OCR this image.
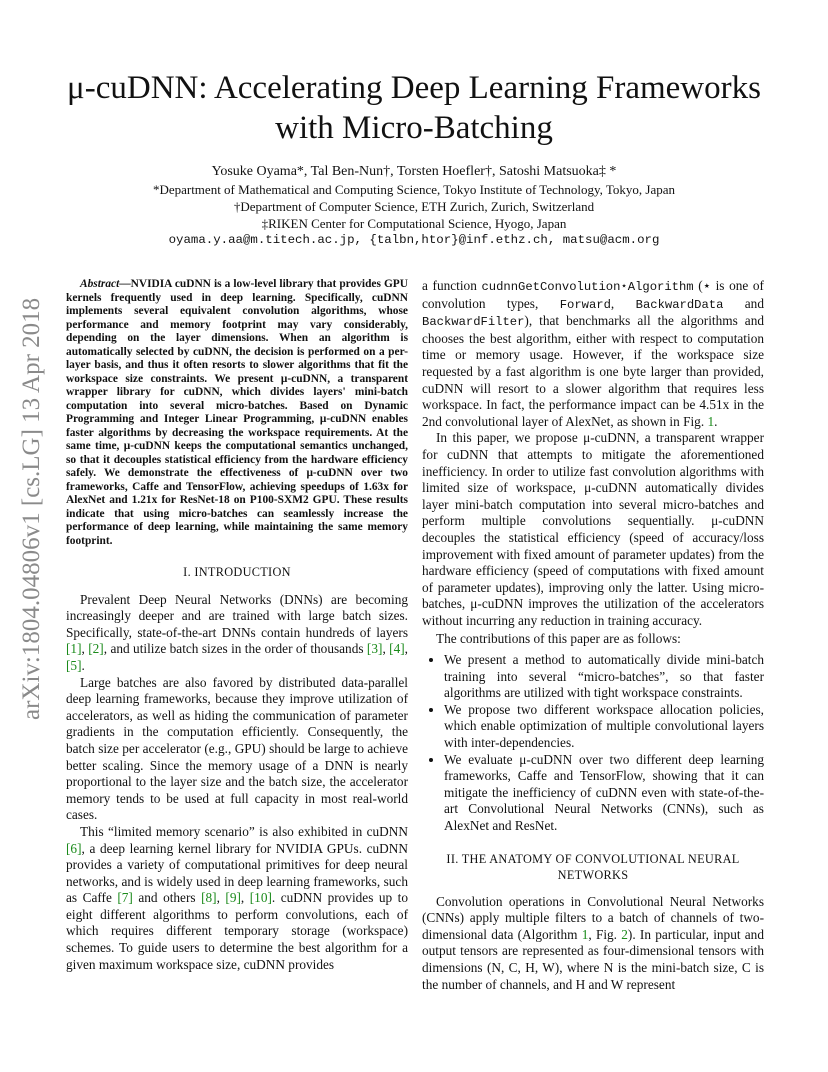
μ-cuDNN: Accelerating Deep Learning Frameworks
with Micro-Batching
Yosuke Oyama*, Tal Ben-Nun†, Torsten Hoefler†, Satoshi Matsuoka‡ *
*Department of Mathematical and Computing Science, Tokyo Institute of Technology, Tokyo, Japan
†Department of Computer Science, ETH Zurich, Zurich, Switzerland
‡RIKEN Center for Computational Science, Hyogo, Japan
oyama.y.aa@m.titech.ac.jp, {talbn,htor}@inf.ethz.ch, matsu@acm.org
arXiv:1804.04806v1 [cs.LG] 13 Apr 2018

Abstract—NVIDIA cuDNN is a low-level library that provides GPU kernels frequently used in deep learning. Specifically, cuDNN implements several equivalent convolution algorithms, whose performance and memory footprint may vary considerably, depending on the layer dimensions. When an algorithm is automatically selected by cuDNN, the decision is performed on a per-layer basis, and thus it often resorts to slower algorithms that fit the workspace size constraints. We present μ-cuDNN, a transparent wrapper library for cuDNN, which divides layers' mini-batch computation into several micro-batches. Based on Dynamic Programming and Integer Linear Programming, μ-cuDNN enables faster algorithms by decreasing the workspace requirements. At the same time, μ-cuDNN keeps the computational semantics unchanged, so that it decouples statistical efficiency from the hardware efficiency safely. We demonstrate the effectiveness of μ-cuDNN over two frameworks, Caffe and TensorFlow, achieving speedups of 1.63x for AlexNet and 1.21x for ResNet-18 on P100-SXM2 GPU. These results indicate that using micro-batches can seamlessly increase the performance of deep learning, while maintaining the same memory footprint.

I. INTRODUCTION

Prevalent Deep Neural Networks (DNNs) are becoming increasingly deeper and are trained with large batch sizes. Specifically, state-of-the-art DNNs contain hundreds of layers [1], [2], and utilize batch sizes in the order of thousands [3], [4], [5].

Large batches are also favored by distributed data-parallel deep learning frameworks, because they improve utilization of accelerators, as well as hiding the communication of parameter gradients in the computation efficiently. Consequently, the batch size per accelerator (e.g., GPU) should be large to achieve better scaling. Since the memory usage of a DNN is nearly proportional to the layer size and the batch size, the accelerator memory tends to be used at full capacity in most real-world cases.

This “limited memory scenario” is also exhibited in cuDNN [6], a deep learning kernel library for NVIDIA GPUs. cuDNN provides a variety of computational primitives for deep neural networks, and is widely used in deep learning frameworks, such as Caffe [7] and others [8], [9], [10]. cuDNN provides up to eight different algorithms to perform convolutions, each of which requires different temporary storage (workspace) schemes. To guide users to determine the best algorithm for a given maximum workspace size, cuDNN provides

a function cudnnGetConvolution⋆Algorithm (⋆ is one of convolution types, Forward, BackwardData and BackwardFilter), that benchmarks all the algorithms and chooses the best algorithm, either with respect to computation time or memory usage. However, if the workspace size requested by a fast algorithm is one byte larger than provided, cuDNN will resort to a slower algorithm that requires less workspace. In fact, the performance impact can be 4.51x in the 2nd convolutional layer of AlexNet, as shown in Fig. 1.

In this paper, we propose μ-cuDNN, a transparent wrapper for cuDNN that attempts to mitigate the aforementioned inefficiency. In order to utilize fast convolution algorithms with limited size of workspace, μ-cuDNN automatically divides layer mini-batch computation into several micro-batches and perform multiple convolutions sequentially. μ-cuDNN decouples the statistical efficiency (speed of accuracy/loss improvement with fixed amount of parameter updates) from the hardware efficiency (speed of computations with fixed amount of parameter updates), improving only the latter. Using micro-batches, μ-cuDNN improves the utilization of the accelerators without incurring any reduction in training accuracy.

The contributions of this paper are as follows:

• We present a method to automatically divide mini-batch training into several “micro-batches”, so that faster algorithms are utilized with tight workspace constraints.
• We propose two different workspace allocation policies, which enable optimization of multiple convolutional layers with inter-dependencies.
• We evaluate μ-cuDNN over two different deep learning frameworks, Caffe and TensorFlow, showing that it can mitigate the inefficiency of cuDNN even with state-of-the-art Convolutional Neural Networks (CNNs), such as AlexNet and ResNet.
II. THE ANATOMY OF CONVOLUTIONAL NEURAL
NETWORKS

Convolution operations in Convolutional Neural Networks (CNNs) apply multiple filters to a batch of channels of two-dimensional data (Algorithm 1, Fig. 2). In particular, input and output tensors are represented as four-dimensional tensors with dimensions (N, C, H, W), where N is the mini-batch size, C is the number of channels, and H and W represent
